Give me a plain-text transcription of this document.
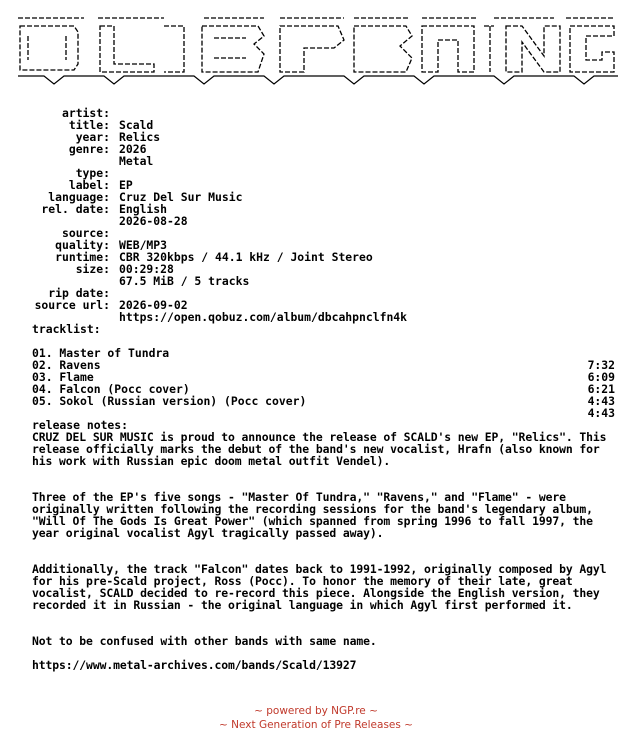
artist:

Scald

title:

Relics

year:

2026

genre:

Metal

type:

EP

label:

Cruz Del Sur Music

language:

English

rel. date:

2026-08-28

source:

WEB/MP3

quality:

CBR 320kbps / 44.1 kHz / Joint Stereo

runtime:

00:29:28

size:

67.5 MiB / 5 tracks

rip date:

2026-09-02

source url:

https://open.qobuz.com/album/dbcahpnclfn4k

tracklist:

01. Master of Tundra

7:32

02. Ravens

6:09

03. Flame

6:21

04. Falcon (Pocc cover)

4:43

05. Sokol (Russian version) (Pocc cover)

4:43

release notes:

CRUZ DEL SUR MUSIC is proud to announce the release of SCALD's new EP, "Relics". This release officially marks the debut of the band's new vocalist, Hrafn (also known for his work with Russian epic doom metal outfit Vendel).
Three of the EP's five songs - "Master Of Tundra," "Ravens," and "Flame" - were originally written following the recording sessions for the band's legendary album, "Will Of The Gods Is Great Power" (which spanned from spring 1996 to fall 1997, the year original vocalist Agyl tragically passed away).
Additionally, the track "Falcon" dates back to 1991-1992, originally composed by Agyl for his pre-Scald project, Ross (Pocc). To honor the memory of their late, great vocalist, SCALD decided to re-record this piece. Alongside the English version, they recorded it in Russian - the original language in which Agyl first performed it.
Not to be confused with other bands with same name.
https://www.metal-archives.com/bands/Scald/13927
~ powered by NGP.re ~
~ Next Generation of Pre Releases ~
